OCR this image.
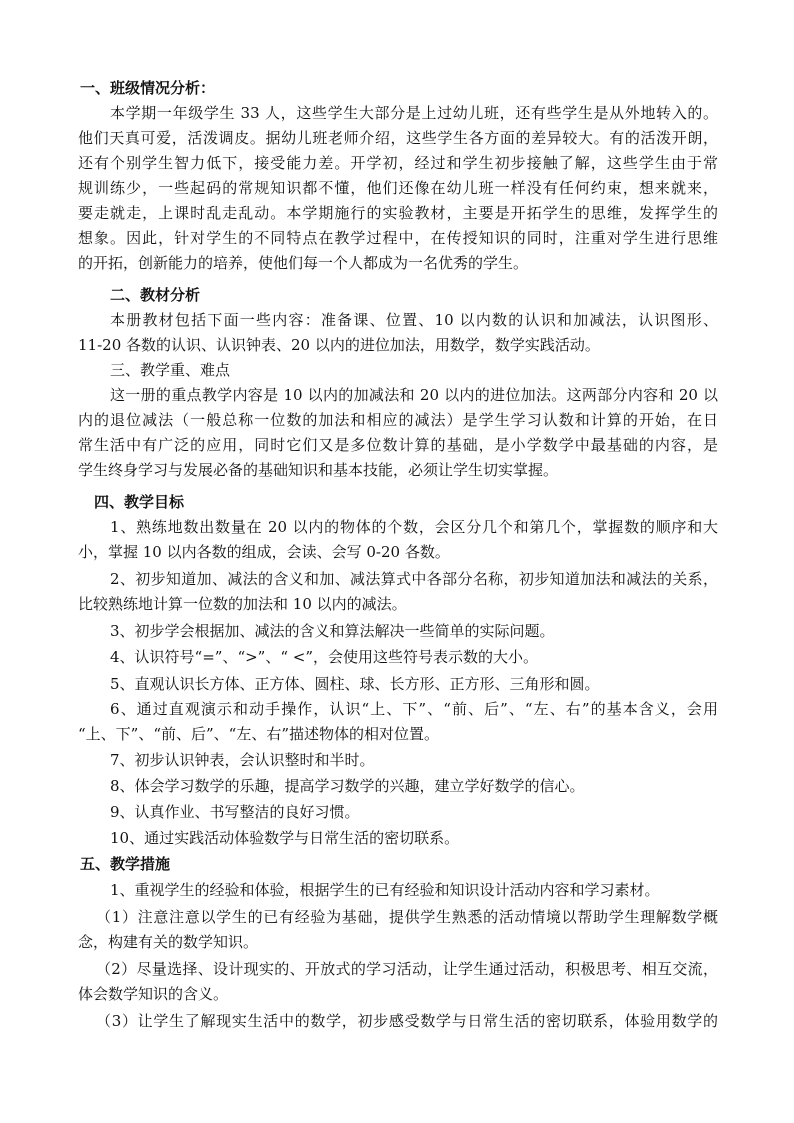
一、班级情况分析：
本学期一年级学生 33 人，这些学生大部分是上过幼儿班，还有些学生是从外地转入的。
他们天真可爱，活泼调皮。据幼儿班老师介绍，这些学生各方面的差异较大。有的活泼开朗，
还有个别学生智力低下，接受能力差。开学初，经过和学生初步接触了解，这些学生由于常
规训练少，一些起码的常规知识都不懂，他们还像在幼儿班一样没有任何约束，想来就来，
要走就走，上课时乱走乱动。本学期施行的实验教材，主要是开拓学生的思维，发挥学生的
想象。因此，针对学生的不同特点在教学过程中，在传授知识的同时，注重对学生进行思维
的开拓，创新能力的培养，使他们每一个人都成为一名优秀的学生。
二、教材分析
本册教材包括下面一些内容：准备课、位置、10 以内数的认识和加减法，认识图形、
11-20 各数的认识、认识钟表、20 以内的进位加法，用数学，数学实践活动。
三、教学重、难点
这一册的重点教学内容是 10 以内的加减法和 20 以内的进位加法。这两部分内容和 20 以
内的退位减法（一般总称一位数的加法和相应的减法）是学生学习认数和计算的开始，在日
常生活中有广泛的应用，同时它们又是多位数计算的基础，是小学数学中最基础的内容，是
学生终身学习与发展必备的基础知识和基本技能，必须让学生切实掌握。
四、教学目标
1、熟练地数出数量在 20 以内的物体的个数，会区分几个和第几个，掌握数的顺序和大
小，掌握 10 以内各数的组成，会读、会写 0-20 各数。
2、初步知道加、减法的含义和加、减法算式中各部分名称，初步知道加法和减法的关系，
比较熟练地计算一位数的加法和 10 以内的减法。
3、初步学会根据加、减法的含义和算法解决一些简单的实际问题。
4、认识符号“=”、“>”、“ <”，会使用这些符号表示数的大小。
5、直观认识长方体、正方体、圆柱、球、长方形、正方形、三角形和圆。
6、通过直观演示和动手操作，认识“上、下”、“前、后”、“左、右”的基本含义，会用
“上、下”、“前、后”、“左、右”描述物体的相对位置。
7、初步认识钟表，会认识整时和半时。
8、体会学习数学的乐趣，提高学习数学的兴趣，建立学好数学的信心。
9、认真作业、书写整洁的良好习惯。
10、通过实践活动体验数学与日常生活的密切联系。
五、教学措施
1、重视学生的经验和体验，根据学生的已有经验和知识设计活动内容和学习素材。
（1）注意注意以学生的已有经验为基础，提供学生熟悉的活动情境以帮助学生理解数学概
念，构建有关的数学知识。
（2）尽量选择、设计现实的、开放式的学习活动，让学生通过活动，积极思考、相互交流，
体会数学知识的含义。
（3）让学生了解现实生活中的数学，初步感受数学与日常生活的密切联系，体验用数学的
